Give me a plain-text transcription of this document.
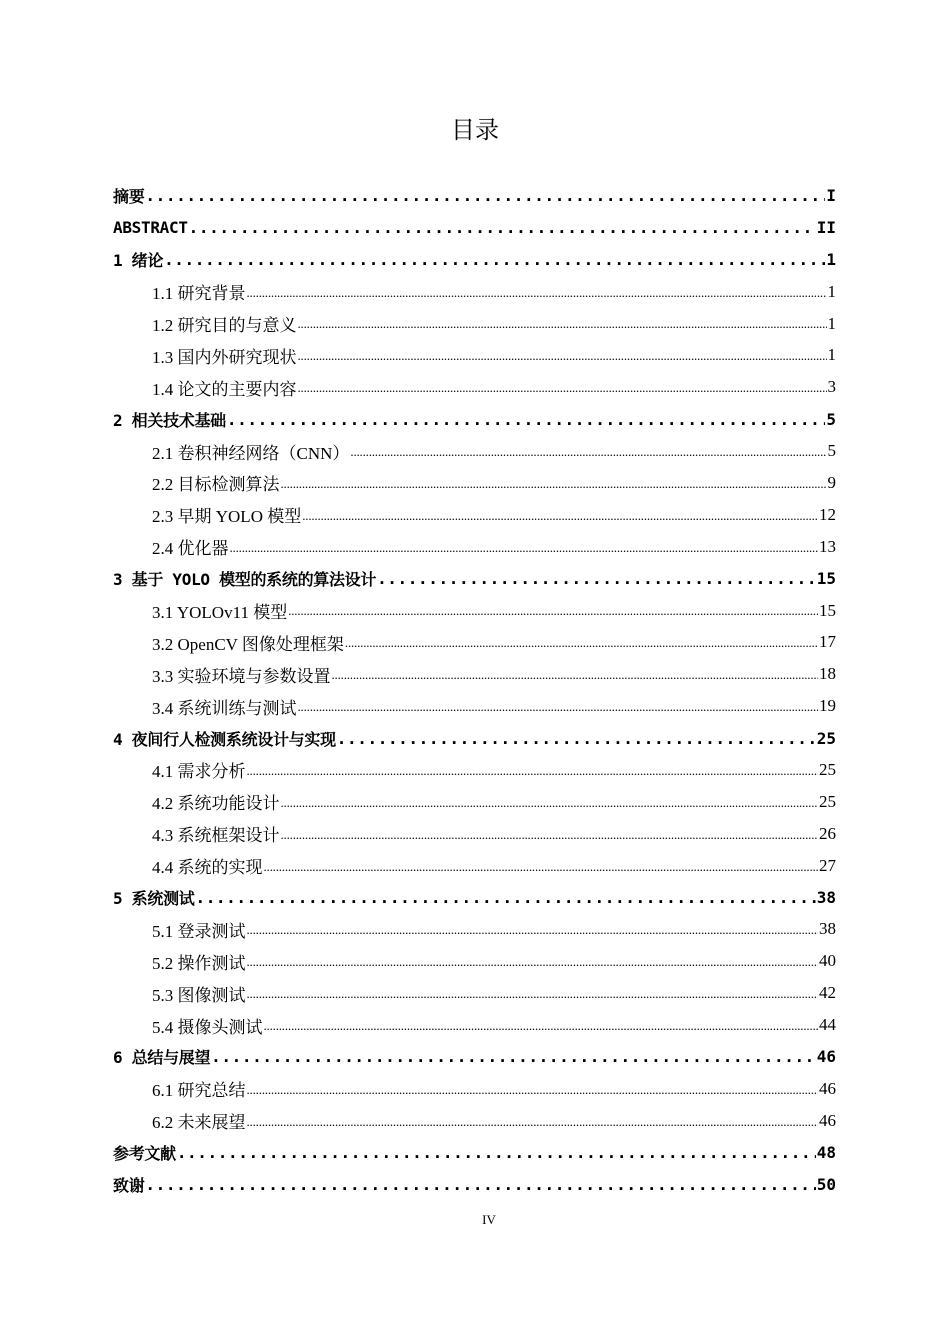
目录
摘要 .....	I
ABSTRACT .....	II
1 绪论 .....	1
1.1 研究背景 .....	1
1.2 研究目的与意义 .....	1
1.3 国内外研究现状 .....	1
1.4 论文的主要内容 .....	3
2 相关技术基础 .....	5
2.1 卷积神经网络（CNN） .....	5
2.2 目标检测算法 .....	9
2.3 早期 YOLO 模型 .....	12
2.4 优化器 .....	13
3 基于 YOLO 模型的系统的算法设计 .....	15
3.1 YOLOv11 模型 .....	15
3.2 OpenCV 图像处理框架 .....	17
3.3 实验环境与参数设置 .....	18
3.4 系统训练与测试 .....	19
4 夜间行人检测系统设计与实现 .....	25
4.1 需求分析 .....	25
4.2 系统功能设计 .....	25
4.3 系统框架设计 .....	26
4.4 系统的实现 .....	27
5 系统测试 .....	38
5.1 登录测试 .....	38
5.2 操作测试 .....	40
5.3 图像测试 .....	42
5.4 摄像头测试 .....	44
6 总结与展望 .....	46
6.1 研究总结 .....	46
6.2 未来展望 .....	46
参考文献 .....	48
致谢 .....	50
IV
